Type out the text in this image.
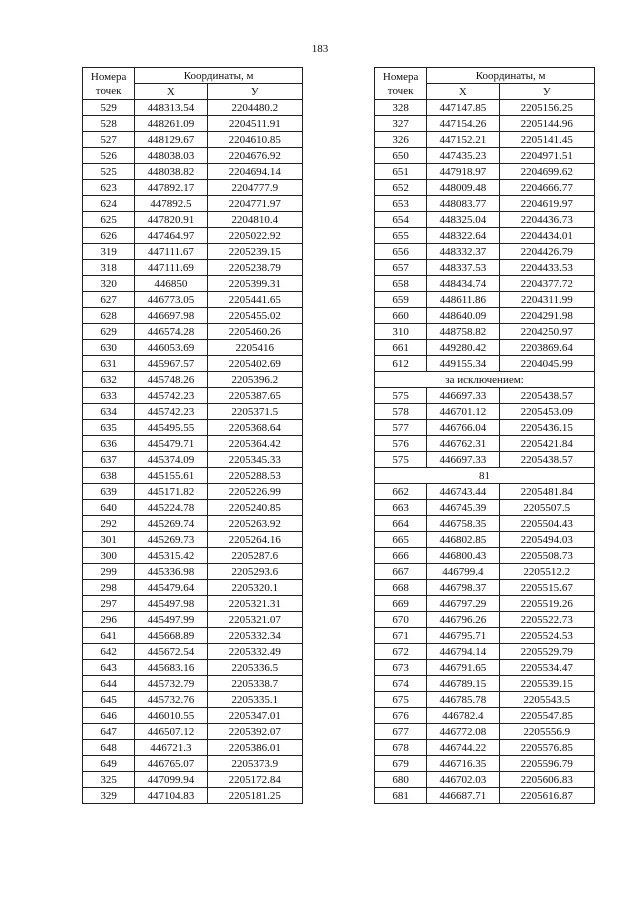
183
Номера
точек	Координаты, м	
	X	У
529	448313.54	2204480.2
528	448261.09	2204511.91
527	448129.67	2204610.85
526	448038.03	2204676.92
525	448038.82	2204694.14
623	447892.17	2204777.9
624	447892.5	2204771.97
625	447820.91	2204810.4
626	447464.97	2205022.92
319	447111.67	2205239.15
318	447111.69	2205238.79
320	446850	2205399.31
627	446773.05	2205441.65
628	446697.98	2205455.02
629	446574.28	2205460.26
630	446053.69	2205416
631	445967.57	2205402.69
632	445748.26	2205396.2
633	445742.23	2205387.65
634	445742.23	2205371.5
635	445495.55	2205368.64
636	445479.71	2205364.42
637	445374.09	2205345.33
638	445155.61	2205288.53
639	445171.82	2205226.99
640	445224.78	2205240.85
292	445269.74	2205263.92
301	445269.73	2205264.16
300	445315.42	2205287.6
299	445336.98	2205293.6
298	445479.64	2205320.1
297	445497.98	2205321.31
296	445497.99	2205321.07
641	445668.89	2205332.34
642	445672.54	2205332.49
643	445683.16	2205336.5
644	445732.79	2205338.7
645	445732.76	2205335.1
646	446010.55	2205347.01
647	446507.12	2205392.07
648	446721.3	2205386.01
649	446765.07	2205373.9
325	447099.94	2205172.84
329	447104.83	2205181.25
Номера
точек	Координаты, м	
	X	У
328	447147.85	2205156.25
327	447154.26	2205144.96
326	447152.21	2205141.45
650	447435.23	2204971.51
651	447918.97	2204699.62
652	448009.48	2204666.77
653	448083.77	2204619.97
654	448325.04	2204436.73
655	448322.64	2204434.01
656	448332.37	2204426.79
657	448337.53	2204433.53
658	448434.74	2204377.72
659	448611.86	2204311.99
660	448640.09	2204291.98
310	448758.82	2204250.97
661	449280.42	2203869.64
612	449155.34	2204045.99
за исключением:		
575	446697.33	2205438.57
578	446701.12	2205453.09
577	446766.04	2205436.15
576	446762.31	2205421.84
575	446697.33	2205438.57
81		
662	446743.44	2205481.84
663	446745.39	2205507.5
664	446758.35	2205504.43
665	446802.85	2205494.03
666	446800.43	2205508.73
667	446799.4	2205512.2
668	446798.37	2205515.67
669	446797.29	2205519.26
670	446796.26	2205522.73
671	446795.71	2205524.53
672	446794.14	2205529.79
673	446791.65	2205534.47
674	446789.15	2205539.15
675	446785.78	2205543.5
676	446782.4	2205547.85
677	446772.08	2205556.9
678	446744.22	2205576.85
679	446716.35	2205596.79
680	446702.03	2205606.83
681	446687.71	2205616.87
